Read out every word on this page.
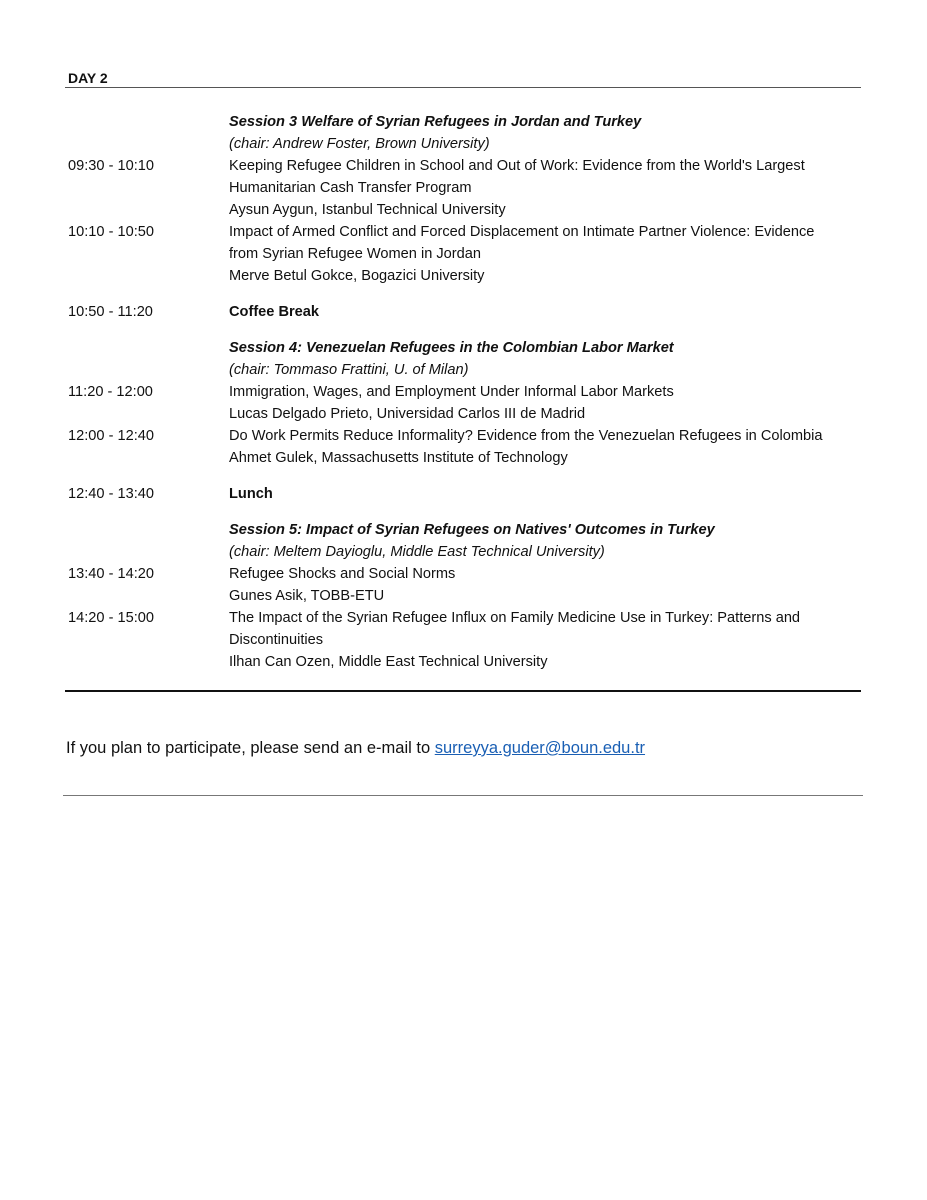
DAY 2
Session 3 Welfare of Syrian Refugees in Jordan and Turkey
(chair: Andrew Foster, Brown University)
09:30 - 10:10	Keeping Refugee Children in School and Out of Work: Evidence from the World's Largest
Humanitarian Cash Transfer Program
Aysun Aygun, Istanbul Technical University
10:10 - 10:50	Impact of Armed Conflict and Forced Displacement on Intimate Partner Violence: Evidence
from Syrian Refugee Women in Jordan
Merve Betul Gokce, Bogazici University
10:50 - 11:20	Coffee Break
Session 4: Venezuelan Refugees in the Colombian Labor Market
(chair: Tommaso Frattini, U. of Milan)
11:20 - 12:00	Immigration, Wages, and Employment Under Informal Labor Markets
Lucas Delgado Prieto, Universidad Carlos III de Madrid
12:00 - 12:40	Do Work Permits Reduce Informality? Evidence from the Venezuelan Refugees in Colombia
Ahmet Gulek, Massachusetts Institute of Technology
12:40 - 13:40	Lunch
Session 5: Impact of Syrian Refugees on Natives' Outcomes in Turkey
(chair: Meltem Dayioglu, Middle East Technical University)
13:40 - 14:20	Refugee Shocks and Social Norms
Gunes Asik, TOBB-ETU
14:20 - 15:00	The Impact of the Syrian Refugee Influx on Family Medicine Use in Turkey: Patterns and
Discontinuities
Ilhan Can Ozen, Middle East Technical University
If you plan to participate, please send an e-mail to surreyya.guder@boun.edu.tr
